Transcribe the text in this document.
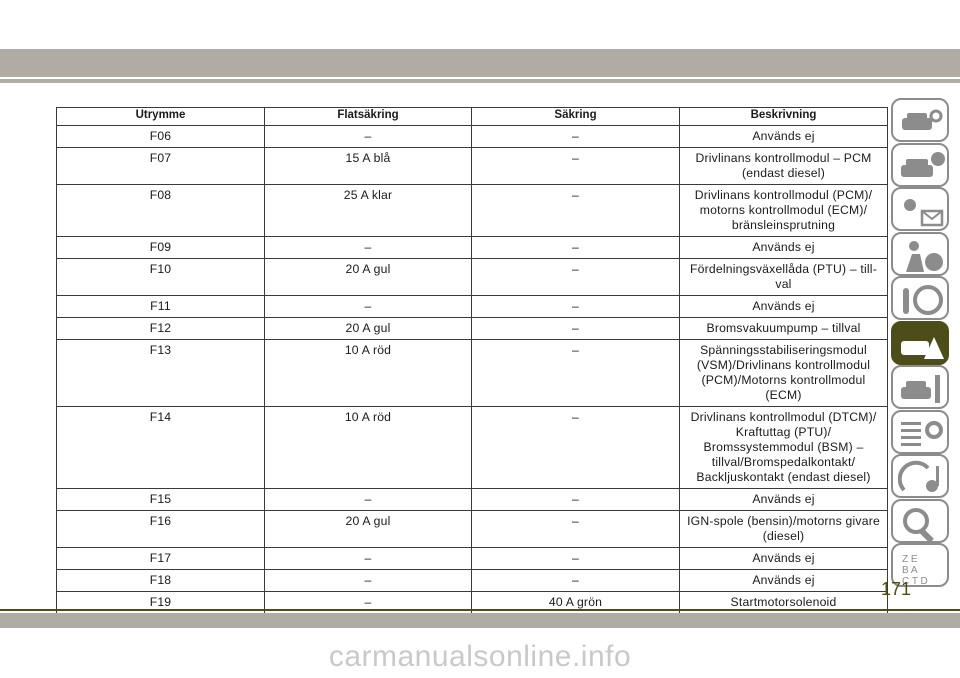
Utrymme	Flatsäkring	Säkring	Beskrivning
F06	–	–	Används ej
F07	15 A blå	–	Drivlinans kontrollmodul – PCM
(endast diesel)
F08	25 A klar	–	Drivlinans kontrollmodul (PCM)/
motorns kontrollmodul (ECM)/
bränsleinsprutning
F09	–	–	Används ej
F10	20 A gul	–	Fördelningsväxellåda (PTU) – till-
val
F11	–	–	Används ej
F12	20 A gul	–	Bromsvakuumpump – tillval
F13	10 A röd	–	Spänningsstabiliseringsmodul
(VSM)/Drivlinans kontrollmodul
(PCM)/Motorns kontrollmodul
(ECM)
F14	10 A röd	–	Drivlinans kontrollmodul (DTCM)/
Kraftuttag (PTU)/
Bromssystemmodul (BSM) –
tillval/Bromspedalkontakt/
Backljuskontakt (endast diesel)
F15	–	–	Används ej
F16	20 A gul	–	IGN-spole (bensin)/motorns givare
(diesel)
F17	–	–	Används ej
F18	–	–	Används ej
F19	–	40 A grön	Startmotorsolenoid
Z E
B A
C T D
171
carmanualsonline.info
